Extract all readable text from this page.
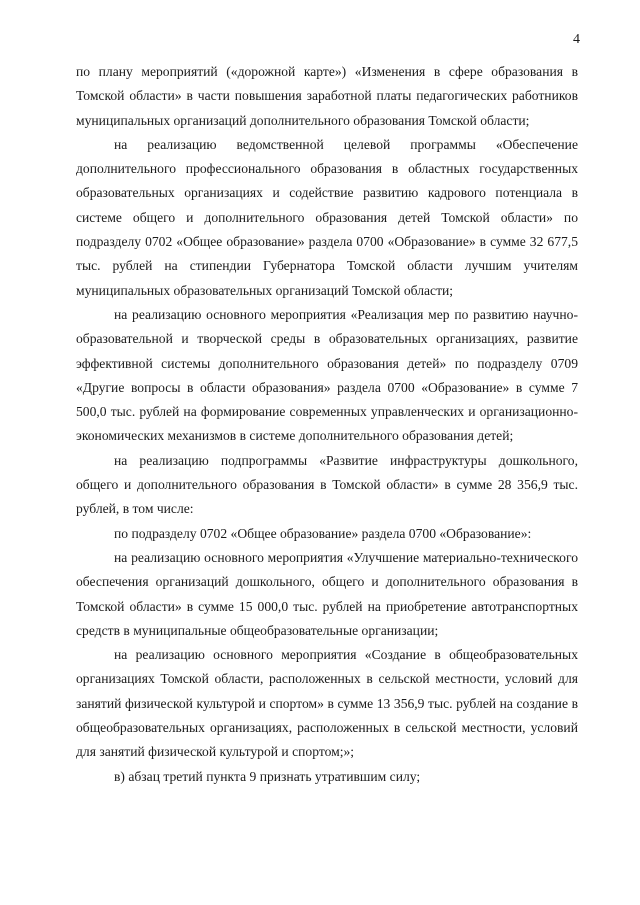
4

по плану мероприятий («дорожной карте») «Изменения в сфере образования в Томской области» в части повышения заработной платы педагогических работников муниципальных организаций дополнительного образования Томской области;

на реализацию ведомственной целевой программы «Обеспечение дополнительного профессионального образования в областных государственных образовательных организациях и содействие развитию кадрового потенциала в системе общего и дополнительного образования детей Томской области» по подразделу 0702 «Общее образование» раздела 0700 «Образование» в сумме 32 677,5 тыс. рублей на стипендии Губернатора Томской области лучшим учителям муниципальных образовательных организаций Томской области;

на реализацию основного мероприятия «Реализация мер по развитию научно-образовательной и творческой среды в образовательных организациях, развитие эффективной системы дополнительного образования детей» по подразделу 0709 «Другие вопросы в области образования» раздела 0700 «Образование» в сумме 7 500,0 тыс. рублей на формирование современных управленческих и организационно-экономических механизмов в системе дополнительного образования детей;

на реализацию подпрограммы «Развитие инфраструктуры дошкольного, общего и дополнительного образования в Томской области» в сумме 28 356,9 тыс. рублей, в том числе:

по подразделу 0702 «Общее образование» раздела 0700 «Образование»:

на реализацию основного мероприятия «Улучшение материально-технического обеспечения организаций дошкольного, общего и дополнительного образования в Томской области» в сумме 15 000,0 тыс. рублей на приобретение автотранспортных средств в муниципальные общеобразовательные организации;

на реализацию основного мероприятия «Создание в общеобразовательных организациях Томской области, расположенных в сельской местности, условий для занятий физической культурой и спортом» в сумме 13 356,9 тыс. рублей на создание в общеобразовательных организациях, расположенных в сельской местности, условий для занятий физической культурой и спортом;»;

в) абзац третий пункта 9 признать утратившим силу;
